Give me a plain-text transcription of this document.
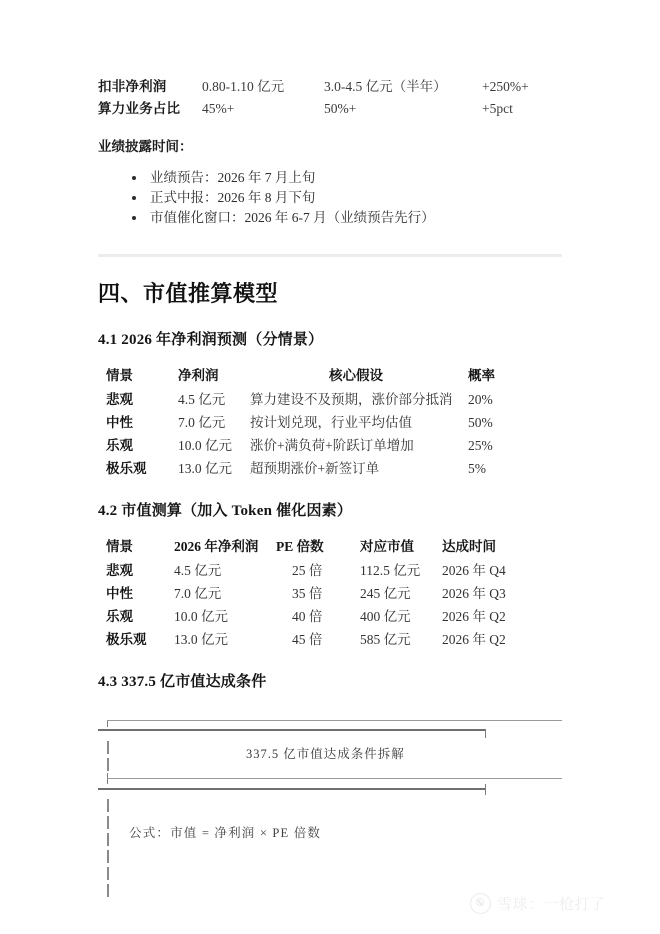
扣非净利润	0.80-1.10 亿元	3.0-4.5 亿元（半年）	+250%+
算力业务占比	45%+	50%+	+5pct
业绩披露时间：
业绩预告：2026 年 7 月上旬
正式中报：2026 年 8 月下旬
市值催化窗口：2026 年 6-7 月（业绩预告先行）
四、市值推算模型
4.1 2026 年净利润预测（分情景）
情景	净利润	核心假设	概率
悲观	4.5 亿元	算力建设不及预期，涨价部分抵消	20%
中性	7.0 亿元	按计划兑现，行业平均估值	50%
乐观	10.0 亿元	涨价+满负荷+阶跃订单增加	25%
极乐观	13.0 亿元	超预期涨价+新签订单	5%
4.2 市值测算（加入 Token 催化因素）
情景	2026 年净利润	PE 倍数	对应市值	达成时间
悲观	4.5 亿元	25 倍	112.5 亿元	2026 年 Q4
中性	7.0 亿元	35 倍	245 亿元	2026 年 Q3
乐观	10.0 亿元	40 倍	400 亿元	2026 年 Q2
极乐观	13.0 亿元	45 倍	585 亿元	2026 年 Q2
4.3 337.5 亿市值达成条件
337.5 亿市值达成条件拆解
公式：市值 = 净利润 × PE 倍数
雪球：一枪打了
